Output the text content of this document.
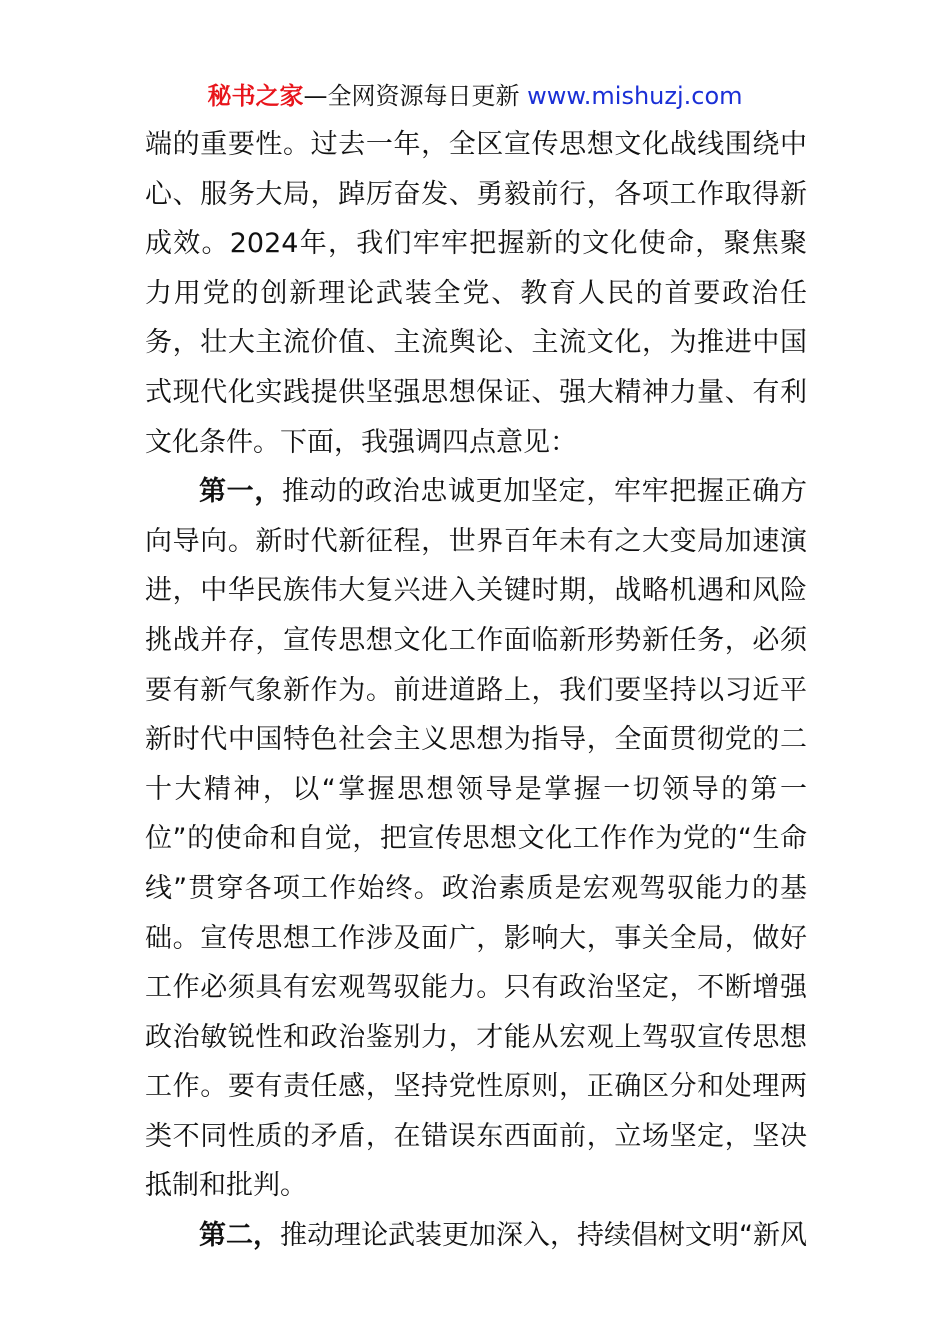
秘书之家—全网资源每日更新 www.mishuzj.com

端的重要性。过去一年，全区宣传思想文化战线围绕中心、服务大局，踔厉奋发、勇毅前行，各项工作取得新成效。2024年，我们牢牢把握新的文化使命，聚焦聚力用党的创新理论武装全党、教育人民的首要政治任务，壮大主流价值、主流舆论、主流文化，为推进中国式现代化实践提供坚强思想保证、强大精神力量、有利文化条件。下面，我强调四点意见：

第一，推动的政治忠诚更加坚定，牢牢把握正确方向导向。新时代新征程，世界百年未有之大变局加速演进，中华民族伟大复兴进入关键时期，战略机遇和风险挑战并存，宣传思想文化工作面临新形势新任务，必须要有新气象新作为。前进道路上，我们要坚持以习近平新时代中国特色社会主义思想为指导，全面贯彻党的二十大精神，以“掌握思想领导是掌握一切领导的第一位”的使命和自觉，把宣传思想文化工作作为党的“生命线”贯穿各项工作始终。政治素质是宏观驾驭能力的基础。宣传思想工作涉及面广，影响大，事关全局，做好工作必须具有宏观驾驭能力。只有政治坚定，不断增强政治敏锐性和政治鉴别力，才能从宏观上驾驭宣传思想工作。要有责任感，坚持党性原则，正确区分和处理两类不同性质的矛盾，在错误东西面前，立场坚定，坚决抵制和批判。

第二，推动理论武装更加深入，持续倡树文明“新风
